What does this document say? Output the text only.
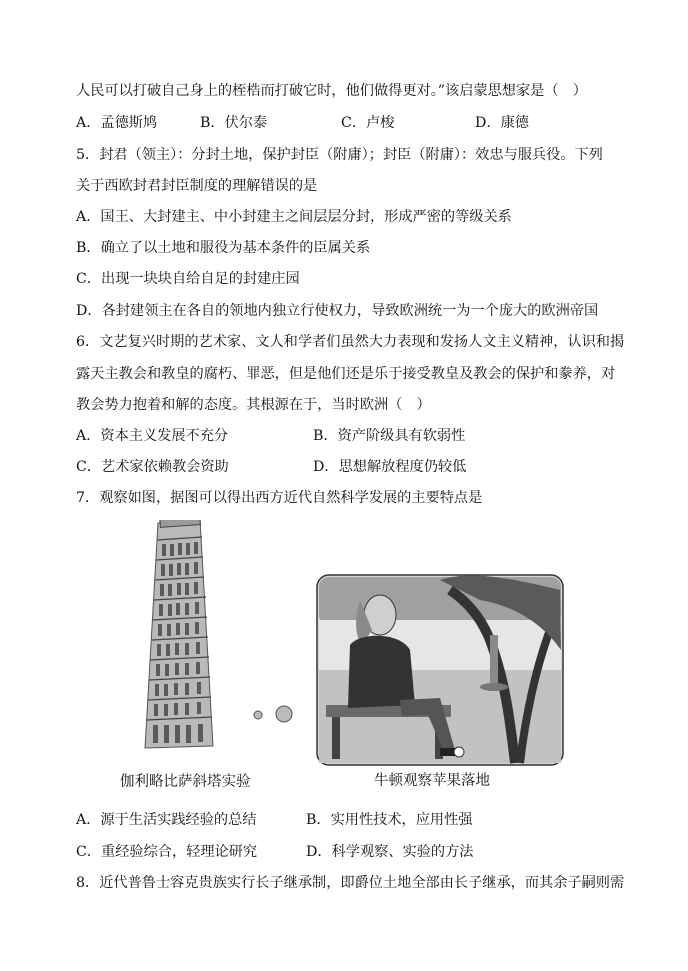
人民可以打破自己身上的桎梏而打破它时，他们做得更对。”该启蒙思想家是（　）
A．孟德斯鸠	B．伏尔泰	C．卢梭	D．康德
5．封君（领主）：分封土地，保护封臣（附庸）；封臣（附庸）：效忠与服兵役。下列
关于西欧封君封臣制度的理解错误的是
A．国王、大封建主、中小封建主之间层层分封，形成严密的等级关系
B．确立了以土地和服役为基本条件的臣属关系
C．出现一块块自给自足的封建庄园
D．各封建领主在各自的领地内独立行使权力，导致欧洲统一为一个庞大的欧洲帝国
6．文艺复兴时期的艺术家、文人和学者们虽然大力表现和发扬人文主义精神，认识和揭
露天主教会和教皇的腐朽、罪恶，但是他们还是乐于接受教皇及教会的保护和豢养，对
教会势力抱着和解的态度。其根源在于，当时欧洲（　）
A．资本主义发展不充分	B．资产阶级具有软弱性
C．艺术家依赖教会资助	D．思想解放程度仍较低
7．观察如图，据图可以得出西方近代自然科学发展的主要特点是
伽利略比萨斜塔实验	牛顿观察苹果落地
A．源于生活实践经验的总结	B．实用性技术，应用性强
C．重经验综合，轻理论研究	D．科学观察、实验的方法
8．近代普鲁士容克贵族实行长子继承制，即爵位土地全部由长子继承，而其余子嗣则需
